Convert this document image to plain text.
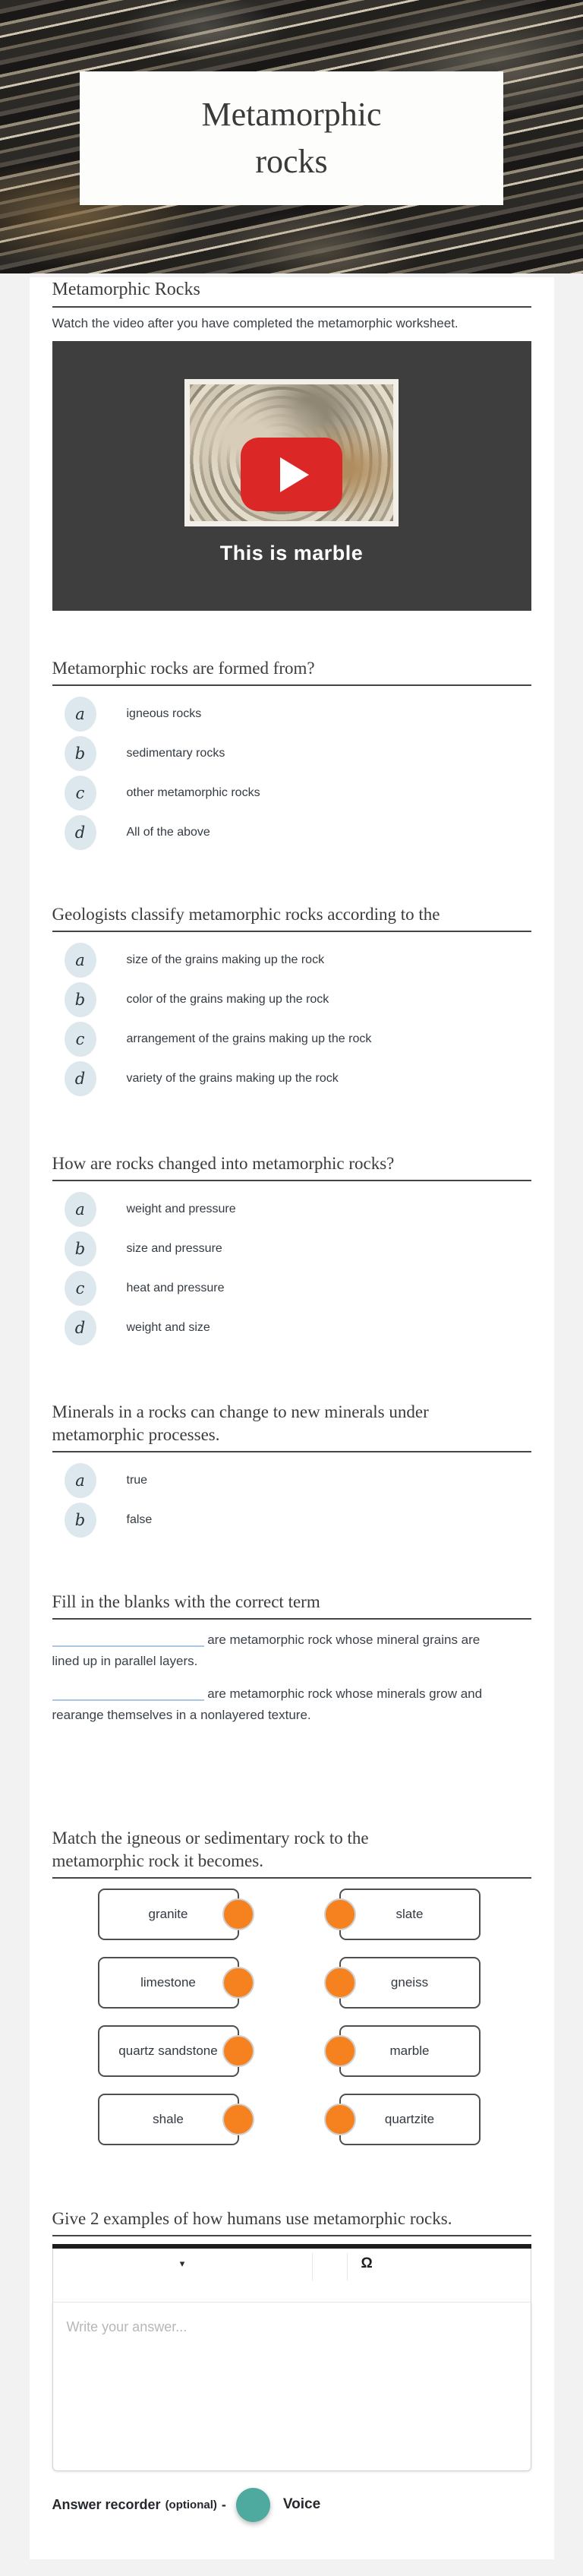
Metamorphic
rocks
Metamorphic Rocks

Watch the video after you have completed the metamorphic worksheet.

This is marble
Metamorphic rocks are formed from?
a	igneous rocks
b	sedimentary rocks
c	other metamorphic rocks
d	All of the above
Geologists classify metamorphic rocks according to the
a	size of the grains making up the rock
b	color of the grains making up the rock
c	arrangement of the grains making up the rock
d	variety of the grains making up the rock
How are rocks changed into metamorphic rocks?
a	weight and pressure
b	size and pressure
c	heat and pressure
d	weight and size
Minerals in a rocks can change to new minerals under
metamorphic processes.
a	true
b	false
Fill in the blanks with the correct term

are metamorphic rock whose mineral grains are
lined up in parallel layers.

are metamorphic rock whose minerals grow and
rearange themselves in a nonlayered texture.

Match the igneous or sedimentary rock to the
metamorphic rock it becomes.
granite	slate
limestone	gneiss
quartz sandstone	marble
shale	quartzite
Give 2 examples of how humans use metamorphic rocks.
▾	Ω
Write your answer...
Answer recorder (optional) -	Voice
